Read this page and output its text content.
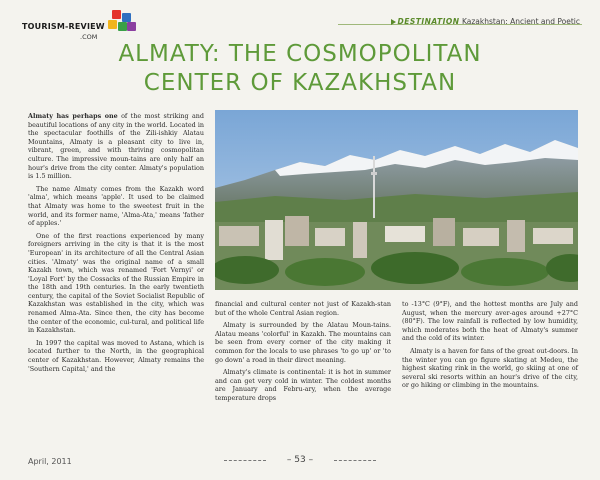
TOURISM-REVIEW
.COM
DESTINATION Kazakhstan: Ancient and Poetic
ALMATY: THE COSMOPOLITAN
CENTER OF KAZAKHSTAN

Almaty has perhaps one of the most striking and beautiful locations of any city in the world. Located in the spectacular foothills of the Zili-ishkiy Alatau Mountains, Almaty is a pleasant city to live in, vibrant, green, and with thriving cosmopolitan culture. The impressive moun-tains are only half an hour's drive from the city center. Almaty's population is 1.5 million.

The name Almaty comes from the Kazakh word 'alma', which means 'apple'. It used to be claimed that Almaty was home to the sweetest fruit in the world, and its former name, 'Alma-Ata,' means 'father of apples.'

One of the first reactions experienced by many foreigners arriving in the city is that it is the most 'European' in its architecture of all the Central Asian cities. 'Almaty' was the original name of a small Kazakh town, which was renamed 'Fort Vernyi' or 'Loyal Fort' by the Cossacks of the Russian Empire in the 18th and 19th centuries. In the early twentieth century, the capital of the Soviet Socialist Republic of Kazakhstan was established in the city, which was renamed Alma-Ata. Since then, the city has become the center of the economic, cul-tural, and political life in Kazakhstan.

In 1997 the capital was moved to Astana, which is located further to the North, in the geographical center of Kazakhstan. However, Almaty remains the 'Southern Capital,' and the

financial and cultural center not just of Kazakh-stan but of the whole Central Asian region.

Almaty is surrounded by the Alatau Moun-tains. Alatau means 'colorful' in Kazakh. The mountains can be seen from every corner of the city making it common for the locals to use phrases 'to go up' or 'to go down' a road in their direct meaning.

Almaty's climate is continental: it is hot in summer and can get very cold in winter. The coldest months are January and Febru-ary, when the average temperature drops

to -13°C (9°F), and the hottest months are July and August, when the mercury aver-ages around +27°C (80°F). The low rainfall is reflected by low humidity, which moderates both the heat of Almaty's summer and the cold of its winter.

Almaty is a haven for fans of the great out-doors. In the winter you can go figure skating at Medeu, the highest skating rink in the world, go skiing at one of several ski resorts within an hour's drive of the city, or go hiking or climbing in the mountains.

April, 2011	– 53 –
